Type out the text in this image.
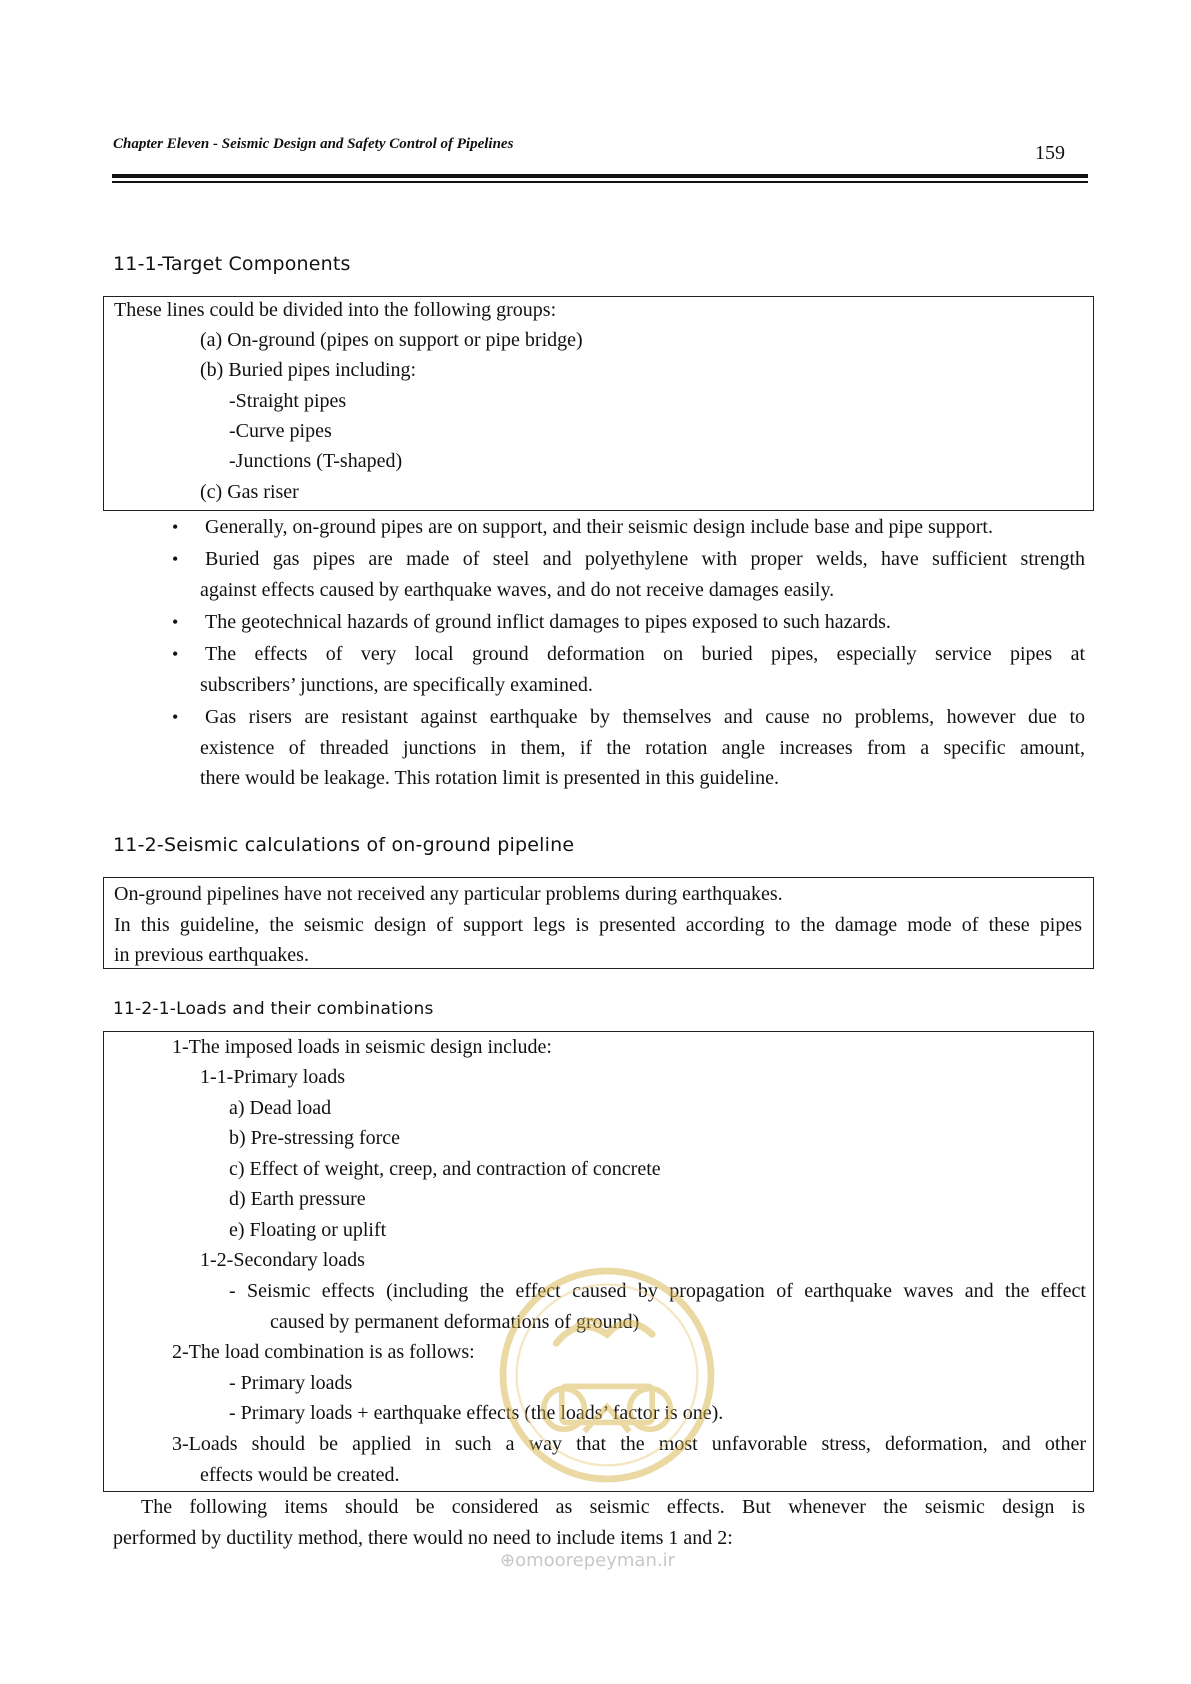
Chapter Eleven - Seismic Design and Safety Control of Pipelines	159
11-1-Target Components
These lines could be divided into the following groups:
(a) On-ground (pipes on support or pipe bridge)
(b) Buried pipes including:
-Straight pipes
-Curve pipes
-Junctions (T-shaped)
(c) Gas riser
• Generally, on-ground pipes are on support, and their seismic design include base and pipe support.
• Buried gas pipes are made of steel and polyethylene with proper welds, have sufficient strength
against effects caused by earthquake waves, and do not receive damages easily.
• The geotechnical hazards of ground inflict damages to pipes exposed to such hazards.
• The effects of very local ground deformation on buried pipes, especially service pipes at
subscribers’ junctions, are specifically examined.
• Gas risers are resistant against earthquake by themselves and cause no problems, however due to
existence of threaded junctions in them, if the rotation angle increases from a specific amount,
there would be leakage. This rotation limit is presented in this guideline.
11-2-Seismic calculations of on-ground pipeline
On-ground pipelines have not received any particular problems during earthquakes.
In this guideline, the seismic design of support legs is presented according to the damage mode of these pipes
in previous earthquakes.
11-2-1-Loads and their combinations
1-The imposed loads in seismic design include:
1-1-Primary loads
a) Dead load
b) Pre-stressing force
c) Effect of weight, creep, and contraction of concrete
d) Earth pressure
e) Floating or uplift
1-2-Secondary loads
- Seismic effects (including the effect caused by propagation of earthquake waves and the effect
caused by permanent deformations of ground)
2-The load combination is as follows:
- Primary loads
- Primary loads + earthquake effects (the loads’ factor is one).
3-Loads should be applied in such a way that the most unfavorable stress, deformation, and other
effects would be created.
The following items should be considered as seismic effects. But whenever the seismic design is
performed by ductility method, there would no need to include items 1 and 2:
⊕omoorepeyman.ir
